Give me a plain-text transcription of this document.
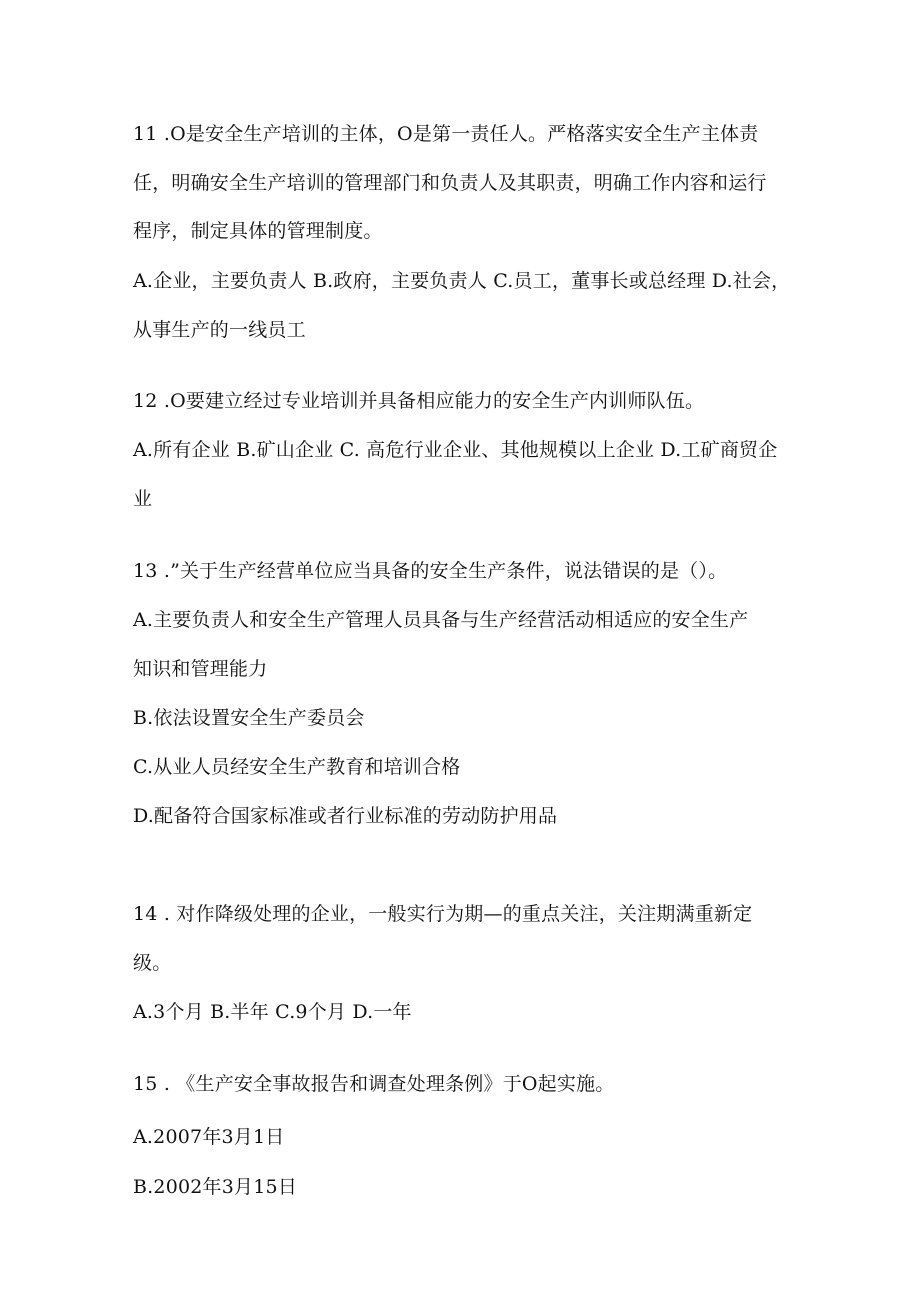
11 .O是安全生产培训的主体，O是第一责任人。严格落实安全生产主体责
任，明确安全生产培训的管理部门和负责人及其职责，明确工作内容和运行
程序，制定具体的管理制度。
A.企业，主要负责人 B.政府，主要负责人 C.员工，董事长或总经理 D.社会，
从事生产的一线员工
12 .O要建立经过专业培训并具备相应能力的安全生产内训师队伍。
A.所有企业 B.矿山企业 C. 高危行业企业、其他规模以上企业 D.工矿商贸企
业
13 .”关于生产经营单位应当具备的安全生产条件，说法错误的是（）。
A.主要负责人和安全生产管理人员具备与生产经营活动相适应的安全生产
知识和管理能力
B.依法设置安全生产委员会
C.从业人员经安全生产教育和培训合格
D.配备符合国家标准或者行业标准的劳动防护用品
14 . 对作降级处理的企业，一般实行为期—的重点关注，关注期满重新定
级。
A.3个月 B.半年 C.9个月 D.一年
15 . 《生产安全事故报告和调查处理条例》于O起实施。
A.2007年3月1日
B.2002年3月15日
